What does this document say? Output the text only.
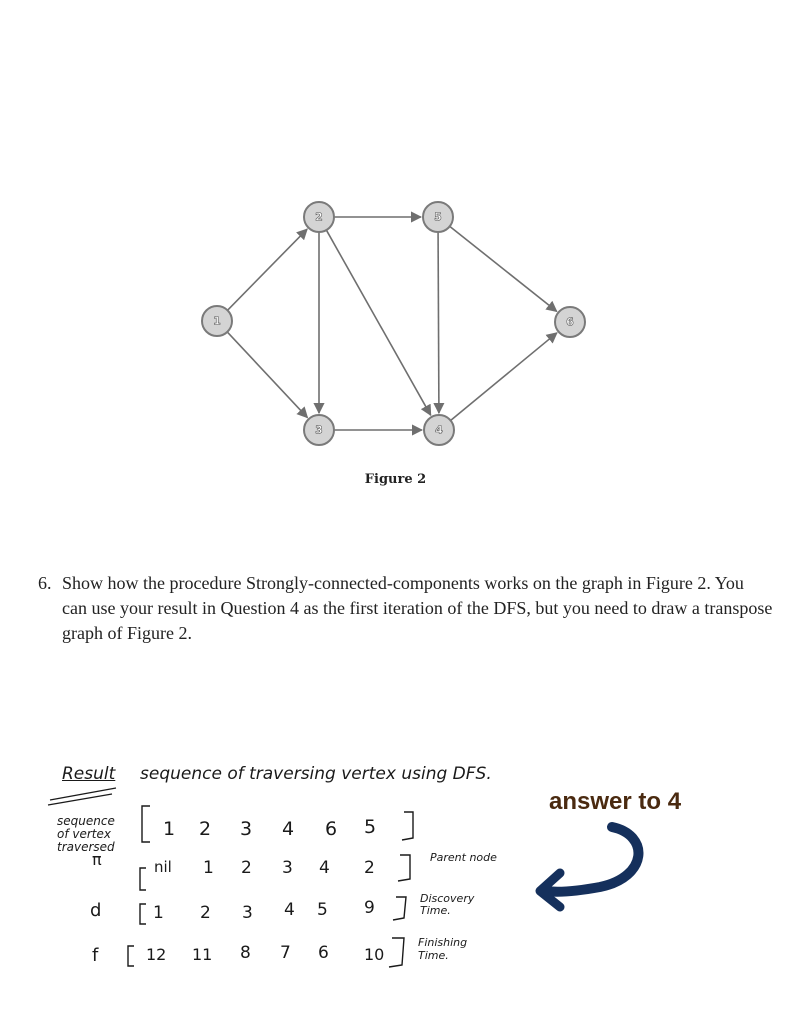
1
2
3	4
5
6
Figure 2
6. Show how the procedure Strongly-connected-components works on the graph in Figure 2. You can use your result in Question 4 as the first iteration of the DFS, but you need to draw a transpose graph of Figure 2.
Result sequence of traversing vertex using DFS.
sequence of vertex traversed
π
d
f
1 2 3 4 6 5
nil 1 2 3 4 2
Parent node
1 2 3 4 5 9	Discovery Time.
12 11 8 7 6 10
Finishing Time.
answer to 4
